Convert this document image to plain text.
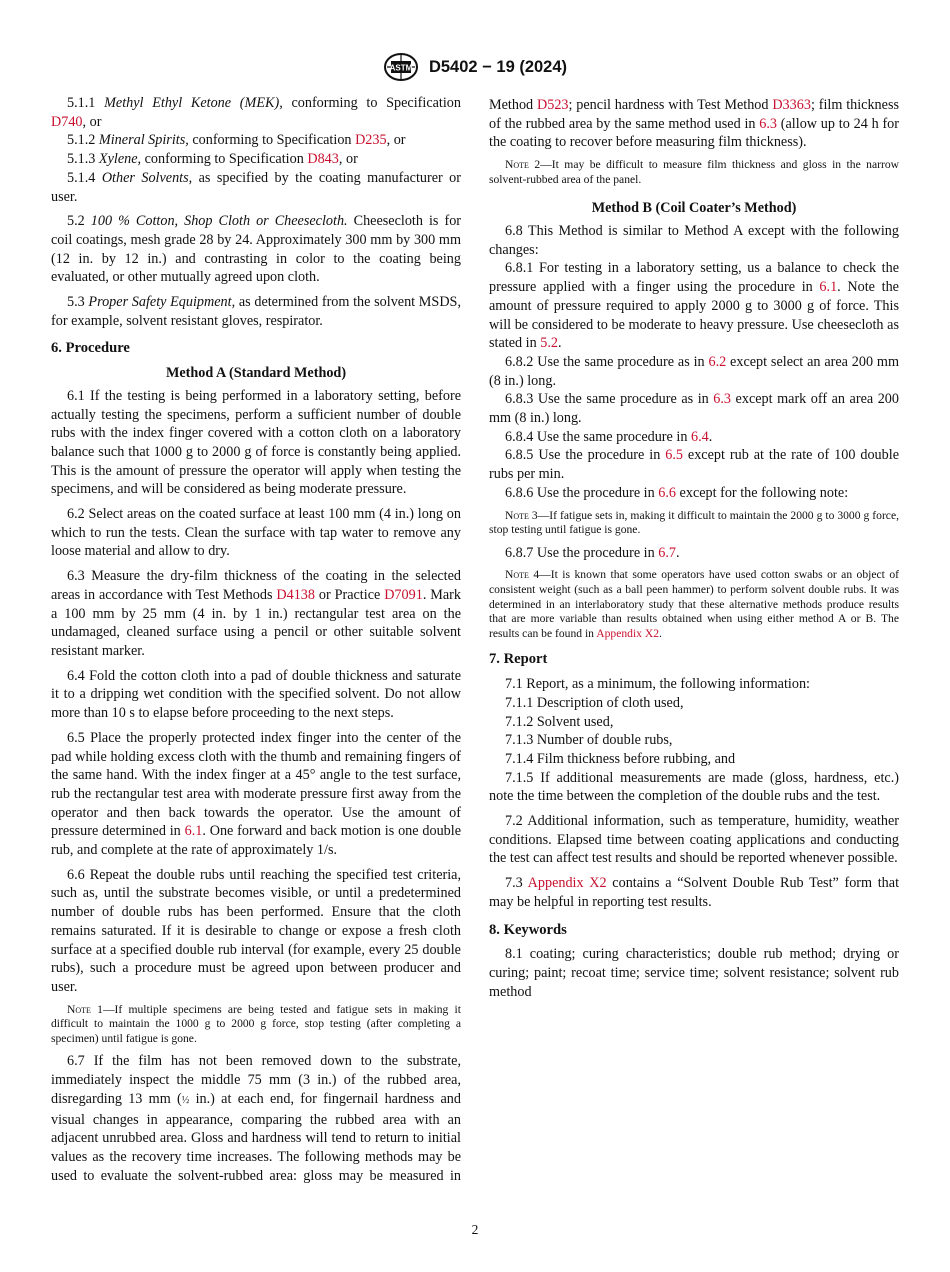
ASTM D5402 − 19 (2024)

5.1.1 Methyl Ethyl Ketone (MEK), conforming to Specification D740, or

5.1.2 Mineral Spirits, conforming to Specification D235, or

5.1.3 Xylene, conforming to Specification D843, or

5.1.4 Other Solvents, as specified by the coating manufacturer or user.

5.2 100 % Cotton, Shop Cloth or Cheesecloth. Cheesecloth is for coil coatings, mesh grade 28 by 24. Approximately 300 mm by 300 mm (12 in. by 12 in.) and contrasting in color to the coating being evaluated, or other mutually agreed upon cloth.

5.3 Proper Safety Equipment, as determined from the solvent MSDS, for example, solvent resistant gloves, respirator.

6. Procedure

Method A (Standard Method)

6.1 If the testing is being performed in a laboratory setting, before actually testing the specimens, perform a sufficient number of double rubs with the index finger covered with a cotton cloth on a laboratory balance such that 1000 g to 2000 g of force is constantly being applied. This is the amount of pressure the operator will apply when testing the specimens, and will be considered as being moderate pressure.

6.2 Select areas on the coated surface at least 100 mm (4 in.) long on which to run the tests. Clean the surface with tap water to remove any loose material and allow to dry.

6.3 Measure the dry-film thickness of the coating in the selected areas in accordance with Test Methods D4138 or Practice D7091. Mark a 100 mm by 25 mm (4 in. by 1 in.) rectangular test area on the undamaged, cleaned surface using a pencil or other suitable solvent resistant marker.

6.4 Fold the cotton cloth into a pad of double thickness and saturate it to a dripping wet condition with the specified solvent. Do not allow more than 10 s to elapse before proceeding to the next steps.

6.5 Place the properly protected index finger into the center of the pad while holding excess cloth with the thumb and remaining fingers of the same hand. With the index finger at a 45° angle to the test surface, rub the rectangular test area with moderate pressure first away from the operator and then back towards the operator. Use the amount of pressure determined in 6.1. One forward and back motion is one double rub, and complete at the rate of approximately 1/s.

6.6 Repeat the double rubs until reaching the specified test criteria, such as, until the substrate becomes visible, or until a predetermined number of double rubs has been performed. Ensure that the cloth remains saturated. If it is desirable to change or expose a fresh cloth surface at a specified double rub interval (for example, every 25 double rubs), such a procedure must be agreed upon between producer and user.

Note 1—If multiple specimens are being tested and fatigue sets in making it difficult to maintain the 1000 g to 2000 g force, stop testing (after completing a specimen) until fatigue is gone.

6.7 If the film has not been removed down to the substrate, immediately inspect the middle 75 mm (3 in.) of the rubbed area, disregarding 13 mm (½ in.) at each end, for fingernail hardness and visual changes in appearance, comparing the rubbed area with an adjacent unrubbed area. Gloss and hardness will tend to return to initial values as the recovery time increases. The following methods may be used to evaluate the solvent-rubbed area: gloss may be measured in

Method D523; pencil hardness with Test Method D3363; film thickness of the rubbed area by the same method used in 6.3 (allow up to 24 h for the coating to recover before measuring film thickness).

Note 2—It may be difficult to measure film thickness and gloss in the narrow solvent-rubbed area of the panel.

Method B (Coil Coater’s Method)

6.8 This Method is similar to Method A except with the following changes:

6.8.1 For testing in a laboratory setting, us a balance to check the pressure applied with a finger using the procedure in 6.1. Note the amount of pressure required to apply 2000 g to 3000 g of force. This will be considered to be moderate to heavy pressure. Use cheesecloth as stated in 5.2.

6.8.2 Use the same procedure as in 6.2 except select an area 200 mm (8 in.) long.

6.8.3 Use the same procedure as in 6.3 except mark off an area 200 mm (8 in.) long.

6.8.4 Use the same procedure in 6.4.

6.8.5 Use the procedure in 6.5 except rub at the rate of 100 double rubs per min.

6.8.6 Use the procedure in 6.6 except for the following note:

Note 3—If fatigue sets in, making it difficult to maintain the 2000 g to 3000 g force, stop testing until fatigue is gone.

6.8.7 Use the procedure in 6.7.

Note 4—It is known that some operators have used cotton swabs or an object of consistent weight (such as a ball peen hammer) to perform solvent double rubs. It was determined in an interlaboratory study that these alternative methods produce results that are more variable than results obtained when using either method A or B. The results can be found in Appendix X2.

7. Report

7.1 Report, as a minimum, the following information:

7.1.1 Description of cloth used,

7.1.2 Solvent used,

7.1.3 Number of double rubs,

7.1.4 Film thickness before rubbing, and

7.1.5 If additional measurements are made (gloss, hardness, etc.) note the time between the completion of the double rubs and the test.

7.2 Additional information, such as temperature, humidity, weather conditions. Elapsed time between coating applications and conducting the test can affect test results and should be reported whenever possible.

7.3 Appendix X2 contains a “Solvent Double Rub Test” form that may be helpful in reporting test results.

8. Keywords

8.1 coating; curing characteristics; double rub method; drying or curing; paint; recoat time; service time; solvent resistance; solvent rub method

2
